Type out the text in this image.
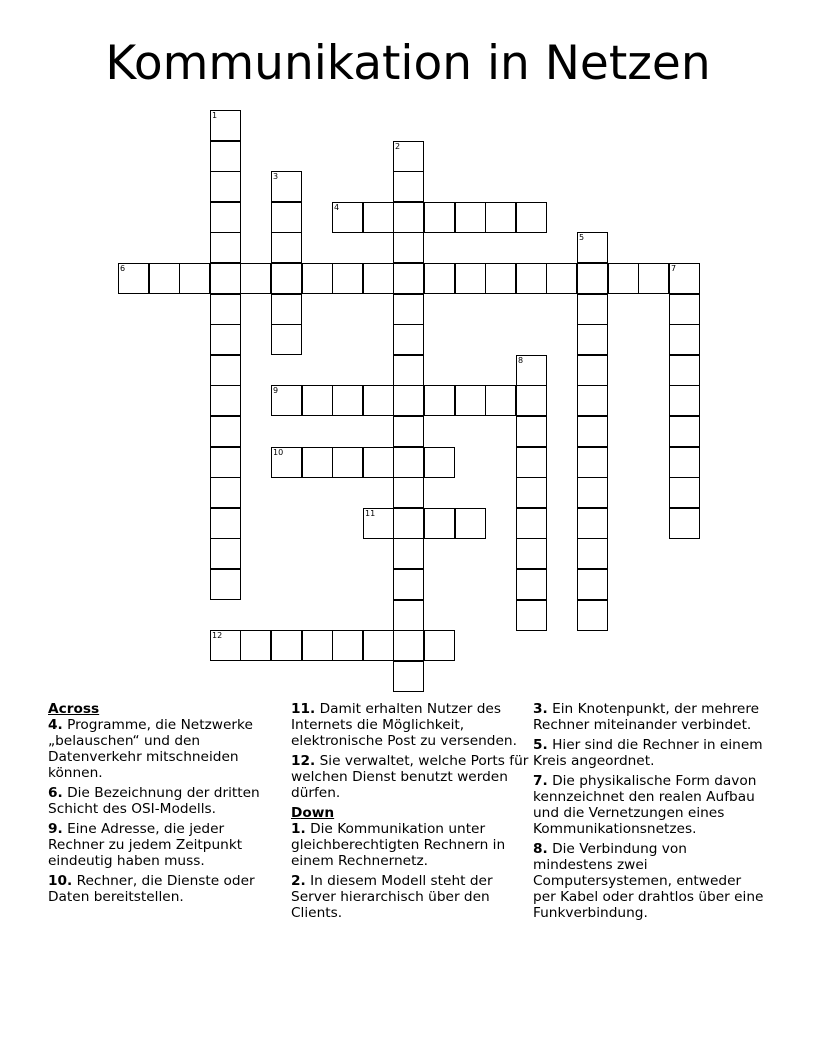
Kommunikation in Netzen
4
6	7
9
10
11
12
1
2
3
5
8
Across

4. Programme, die Netzwerke „belauschen“ und den Datenverkehr mitschneiden können.

6. Die Bezeichnung der dritten Schicht des OSI-Modells.

9. Eine Adresse, die jeder Rechner zu jedem Zeitpunkt eindeutig haben muss.

10. Rechner, die Dienste oder Daten bereitstellen.

11. Damit erhalten Nutzer des Internets die Möglichkeit, elektronische Post zu versenden.

12. Sie verwaltet, welche Ports für welchen Dienst benutzt werden dürfen.

Down

1. Die Kommunikation unter gleichberechtigten Rechnern in einem Rechnernetz.

2. In diesem Modell steht der Server hierarchisch über den Clients.

3. Ein Knotenpunkt, der mehrere Rechner miteinander verbindet.

5. Hier sind die Rechner in einem Kreis angeordnet.

7. Die physikalische Form davon kennzeichnet den realen Aufbau und die Vernetzungen eines Kommunikationsnetzes.

8. Die Verbindung von mindestens zwei Computersystemen, entweder per Kabel oder drahtlos über eine Funkverbindung.
